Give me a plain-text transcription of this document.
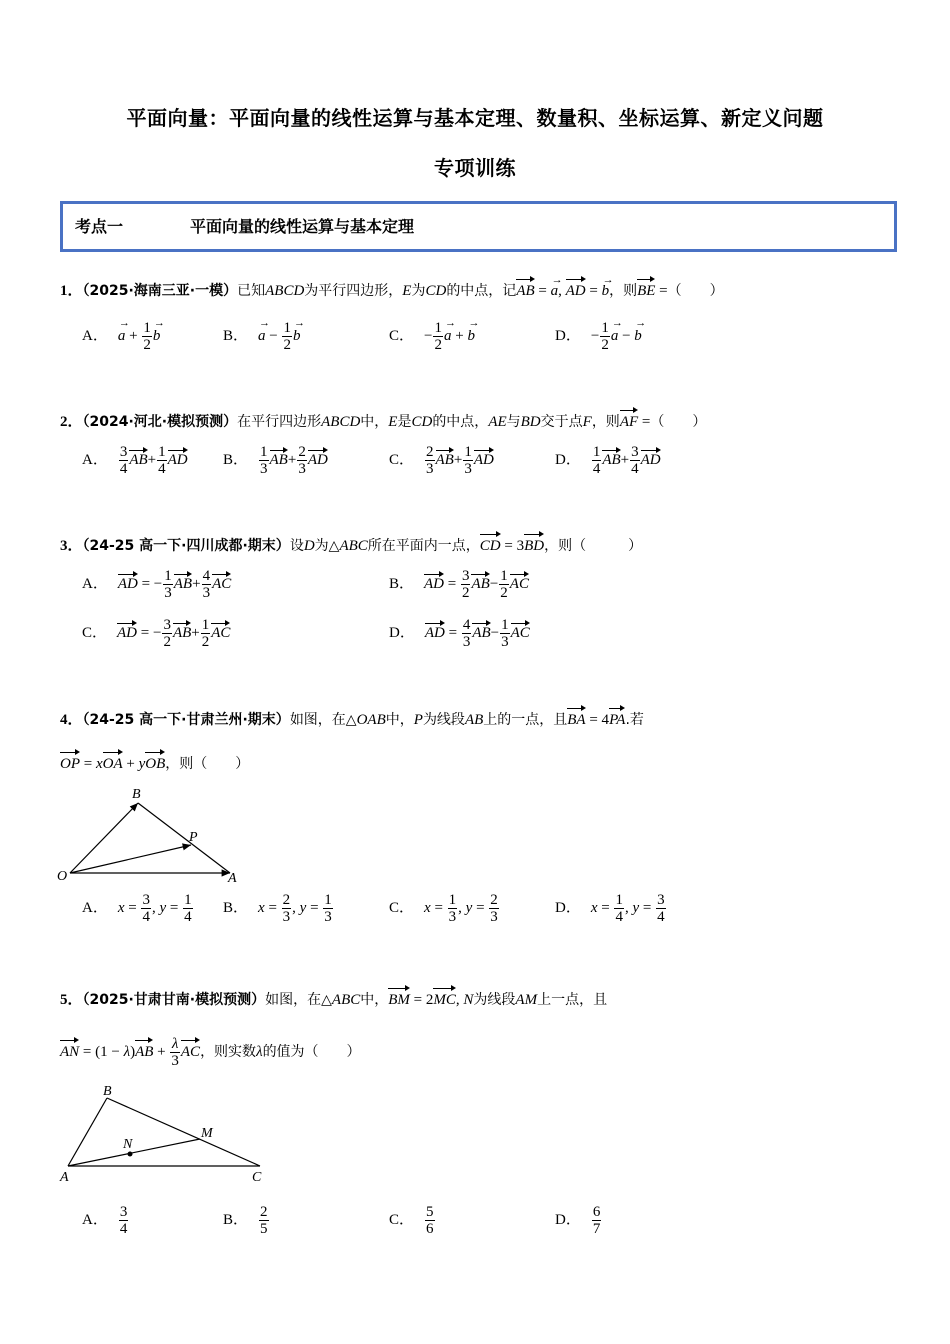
平面向量：平面向量的线性运算与基本定理、数量积、坐标运算、新定义问题
专项训练
考点一	平面向量的线性运算与基本定理
1．（2025·海南三亚·一模）已知ABCD为平行四边形，E为CD的中点，记AB = → a, AD = → b，则BE =（　　）
A．→ $a + \frac{1}{2}$
→ b	B．→ $a - \frac{1}{2}$
→ b	C． − $\frac{1}{2}$
→ a + → b	D． − $\frac{1}{2}$
→ a − → b
2．（2024·河北·模拟预测）在平行四边形ABCD中，E是CD的中点，AE与BD交于点F，则AF =（　　）
A． $\frac{3}{4} AB+ \frac{1}{4}$ AD B． $\frac{1}{3} AB+ \frac{2}{3}$ AD	C． $\frac{2}{3} AB+ \frac{1}{3}$ AD	D． $\frac{1}{4} AB+ \frac{3}{4}$ AD
3．（24-25 高一下·四川成都·期末）设D为△ABC所在平面内一点，CD = 3BD，则（　　　）
A． AD = − $\frac{1}{3} AB+ \frac{4}{3}$ AC	B． AD = $\frac{3}{2} AB- \frac{1}{2}$ AC
C． AD = − $\frac{3}{2} AB+ \frac{1}{2}$ AC	D． AD = $\frac{4}{3} AB- \frac{1}{3}$ AC
4．（24-25 高一下·甘肃兰州·期末）如图，在△OAB中，P为线段AB上的一点，且BA = 4PA.若
OP = xOA + yOB，则（　　）
B
P
O	A
A． $x = \frac{3}{4}$ , $y = \frac{1}{4}$ B． $x = \frac{2}{3}$ , $y = \frac{1}{3}$	C． $x = \frac{1}{3}$ , $y = \frac{2}{3}$	D． $x = \frac{1}{4}$ , $y = \frac{3}{4}$
5．（2025·甘肃甘南·模拟预测）如图，在△ABC中，BM = 2MC, N为线段AM上一点，且
AN = $(1 - \lambda)AB + \frac{\lambda}{3}$ AC，则实数λ的值为（　　）
B
M
N
A	C
A． $\frac{3}{4}$	B． $\frac{2}{5}$	C． $\frac{5}{6}$	D． $\frac{6}{7}$
